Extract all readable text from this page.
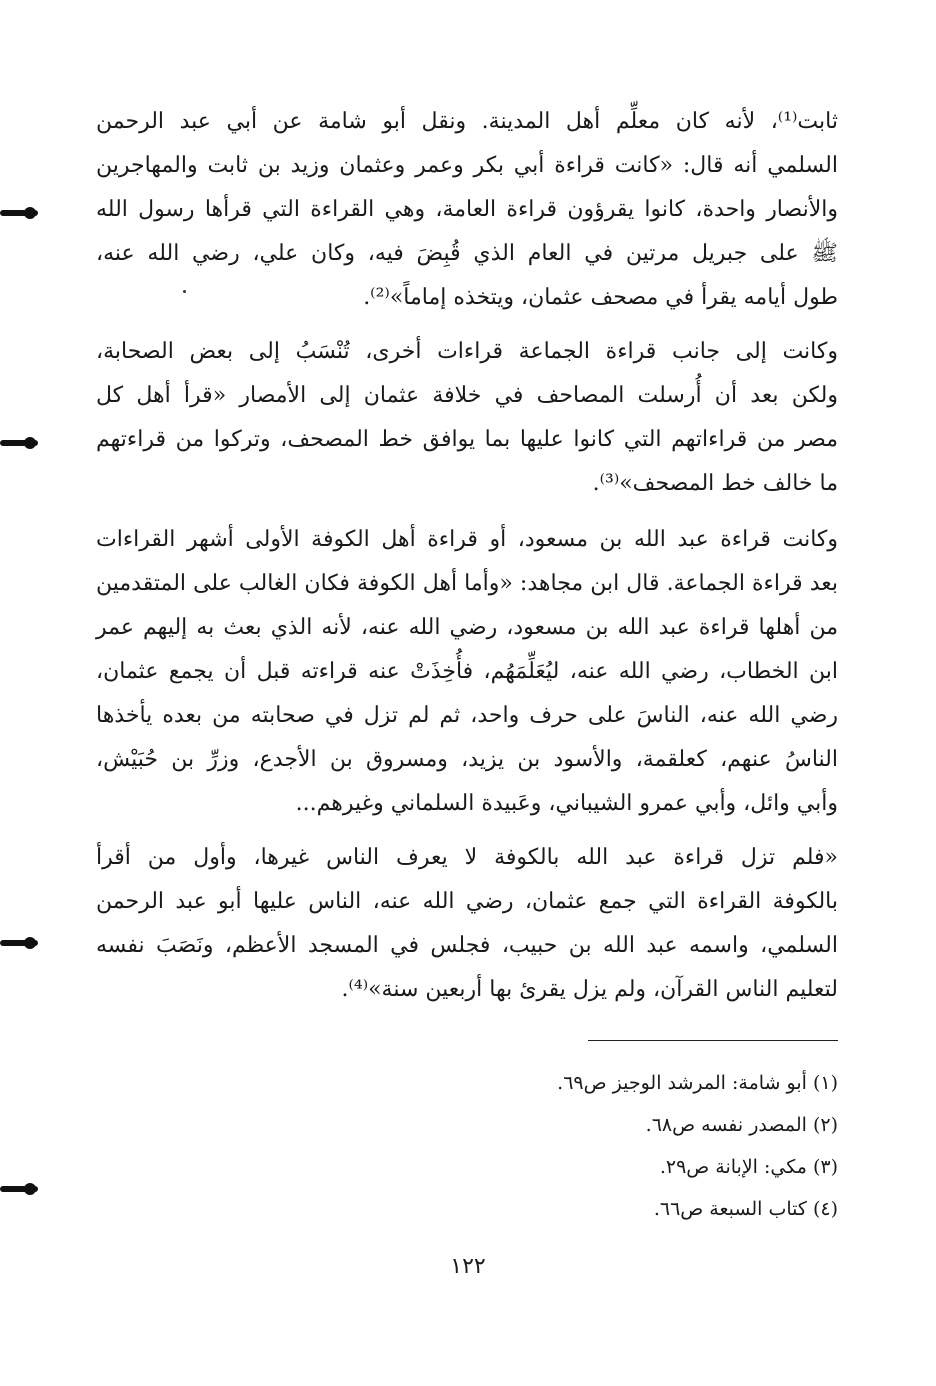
ثابت⁽¹⁾، لأنه كان معلِّم أهل المدينة. ونقل أبو شامة عن أبي عبد الرحمن
السلمي أنه قال: «كانت قراءة أبي بكر وعمر وعثمان وزيد بن ثابت والمهاجرين
والأنصار واحدة، كانوا يقرؤون قراءة العامة، وهي القراءة التي قرأها رسول الله
ﷺ على جبريل مرتين في العام الذي قُبِضَ فيه، وكان علي، رضي الله عنه،
طول أيامه يقرأ في مصحف عثمان، ويتخذه إماماً»⁽²⁾.
وكانت إلى جانب قراءة الجماعة قراءات أخرى، تُنْسَبُ إلى بعض الصحابة،
ولكن بعد أن أُرسلت المصاحف في خلافة عثمان إلى الأمصار «قرأ أهل كل
مصر من قراءاتهم التي كانوا عليها بما يوافق خط المصحف، وتركوا من قراءتهم
ما خالف خط المصحف»⁽³⁾.
وكانت قراءة عبد الله بن مسعود، أو قراءة أهل الكوفة الأولى أشهر القراءات
بعد قراءة الجماعة. قال ابن مجاهد: «وأما أهل الكوفة فكان الغالب على المتقدمين
من أهلها قراءة عبد الله بن مسعود، رضي الله عنه، لأنه الذي بعث به إليهم عمر
ابن الخطاب، رضي الله عنه، ليُعَلِّمَهُم، فأُخِذَتْ عنه قراءته قبل أن يجمع عثمان،
رضي الله عنه، الناسَ على حرف واحد، ثم لم تزل في صحابته من بعده يأخذها
الناسُ عنهم، كعلقمة، والأسود بن يزيد، ومسروق بن الأجدع، وزرِّ بن حُبَيْش،
وأبي وائل، وأبي عمرو الشيباني، وعَبيدة السلماني وغيرهم...
«فلم تزل قراءة عبد الله بالكوفة لا يعرف الناس غيرها، وأول من أقرأ
بالكوفة القراءة التي جمع عثمان، رضي الله عنه، الناس عليها أبو عبد الرحمن
السلمي، واسمه عبد الله بن حبيب، فجلس في المسجد الأعظم، ونَصَبَ نفسه
لتعليم الناس القرآن، ولم يزل يقرئ بها أربعين سنة»⁽⁴⁾.
(١) أبو شامة: المرشد الوجيز ص٦٩.
(٢) المصدر نفسه ص٦٨.
(٣) مكي: الإبانة ص٢٩.
(٤) كتاب السبعة ص٦٦.
١٢٢
